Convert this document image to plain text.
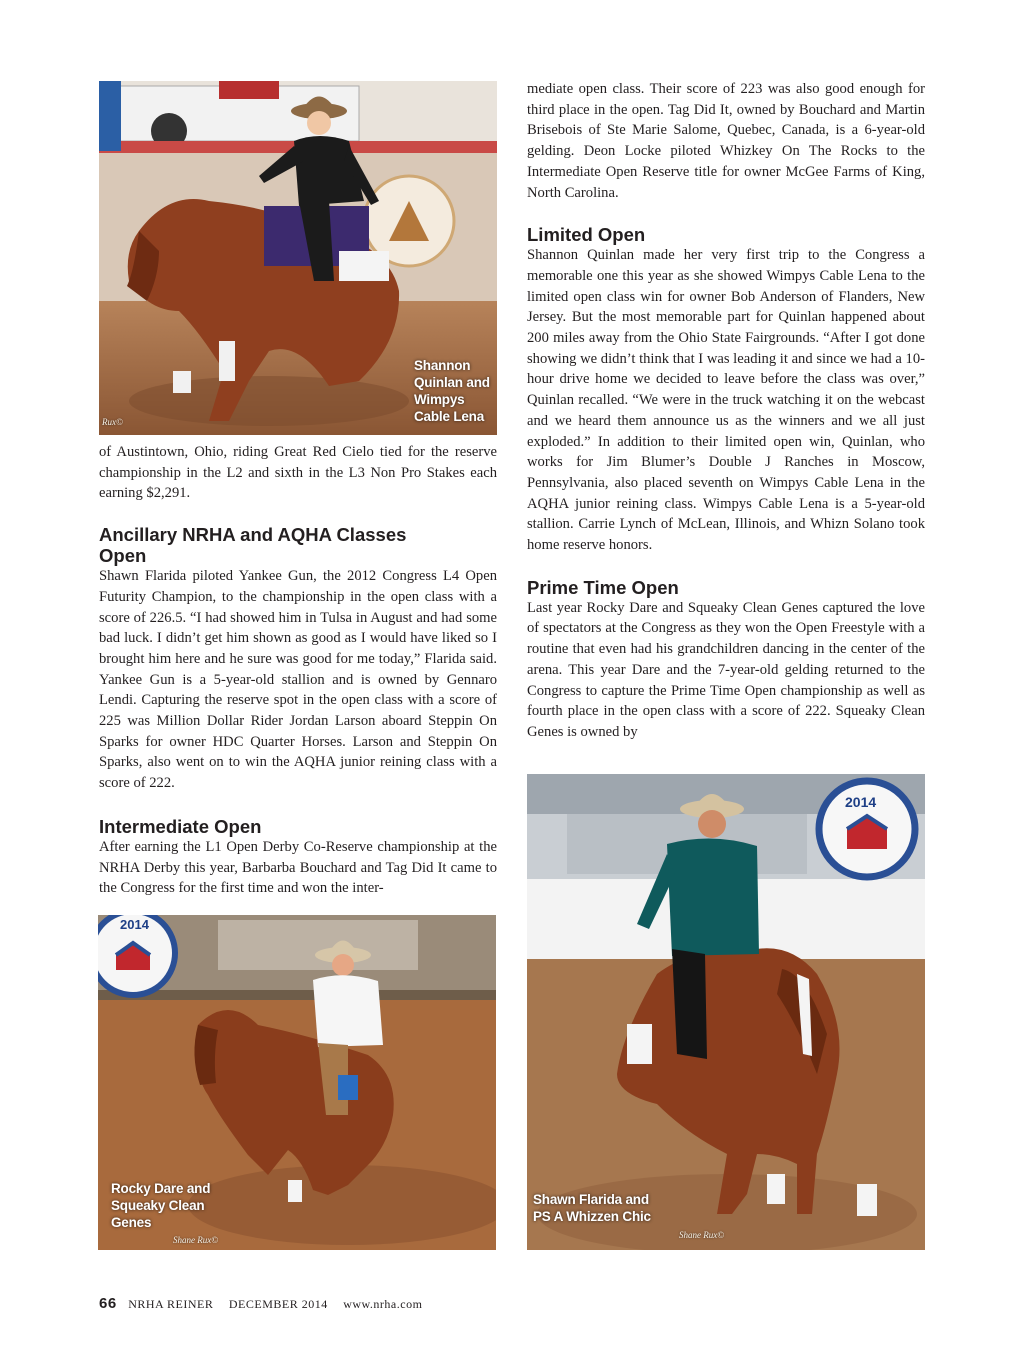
Rux©
Shannon
Quinlan and
Wimpys
Cable Lena

of Austintown, Ohio, riding Great Red Cielo tied for the reserve championship in the L2 and sixth in the L3 Non Pro Stakes each earning $2,291.

Ancillary NRHA and AQHA Classes
Open

Shawn Flarida piloted Yankee Gun, the 2012 Congress L4 Open Futurity Champion, to the championship in the open class with a score of 226.5. “I had showed him in Tulsa in August and had some bad luck. I didn’t get him shown as good as I would have liked so I brought him here and he sure was good for me today,” Flarida said. Yankee Gun is a 5-year-old stallion and is owned by Gennaro Lendi. Capturing the reserve spot in the open class with a score of 225 was Million Dollar Rider Jordan Larson aboard Steppin On Sparks for owner HDC Quarter Horses. Larson and Steppin On Sparks, also went on to win the AQHA junior reining class with a score of 222.

Intermediate Open

After earning the L1 Open Derby Co-Reserve championship at the NRHA Derby this year, Barbarba Bouchard and Tag Did It came to the Congress for the first time and won the inter-

2014
Shane Rux©
Rocky Dare and
Squeaky Clean
Genes

mediate open class. Their score of 223 was also good enough for third place in the open. Tag Did It, owned by Bouchard and Martin Brisebois of Ste Marie Salome, Quebec, Canada, is a 6-year-old gelding. Deon Locke piloted Whizkey On The Rocks to the Intermediate Open Reserve title for owner McGee Farms of King, North Carolina.

Limited Open

Shannon Quinlan made her very first trip to the Congress a memorable one this year as she showed Wimpys Cable Lena to the limited open class win for owner Bob Anderson of Flanders, New Jersey. But the most memorable part for Quinlan happened about 200 miles away from the Ohio State Fairgrounds. “After I got done showing we didn’t think that I was leading it and since we had a 10-hour drive home we decided to leave before the class was over,” Quinlan recalled. “We were in the truck watching it on the webcast and we heard them announce us as the winners and we all just exploded.” In addition to their limited open win, Quinlan, who works for Jim Blumer’s Double J Ranches in Moscow, Pennsylvania, also placed seventh on Wimpys Cable Lena in the AQHA junior reining class. Wimpys Cable Lena is a 5-year-old stallion. Carrie Lynch of McLean, Illinois, and Whizn Solano took home reserve honors.

Prime Time Open

Last year Rocky Dare and Squeaky Clean Genes captured the love of spectators at the Congress as they won the Open Freestyle with a routine that even had his grandchildren dancing in the center of the arena. This year Dare and the 7-year-old gelding returned to the Congress to capture the Prime Time Open championship as well as fourth place in the open class with a score of 222. Squeaky Clean Genes is owned by

2014
Shane Rux©
Shawn Flarida and
PS A Whizzen Chic
66 NRHA REINER DECEMBER 2014 www.nrha.com
